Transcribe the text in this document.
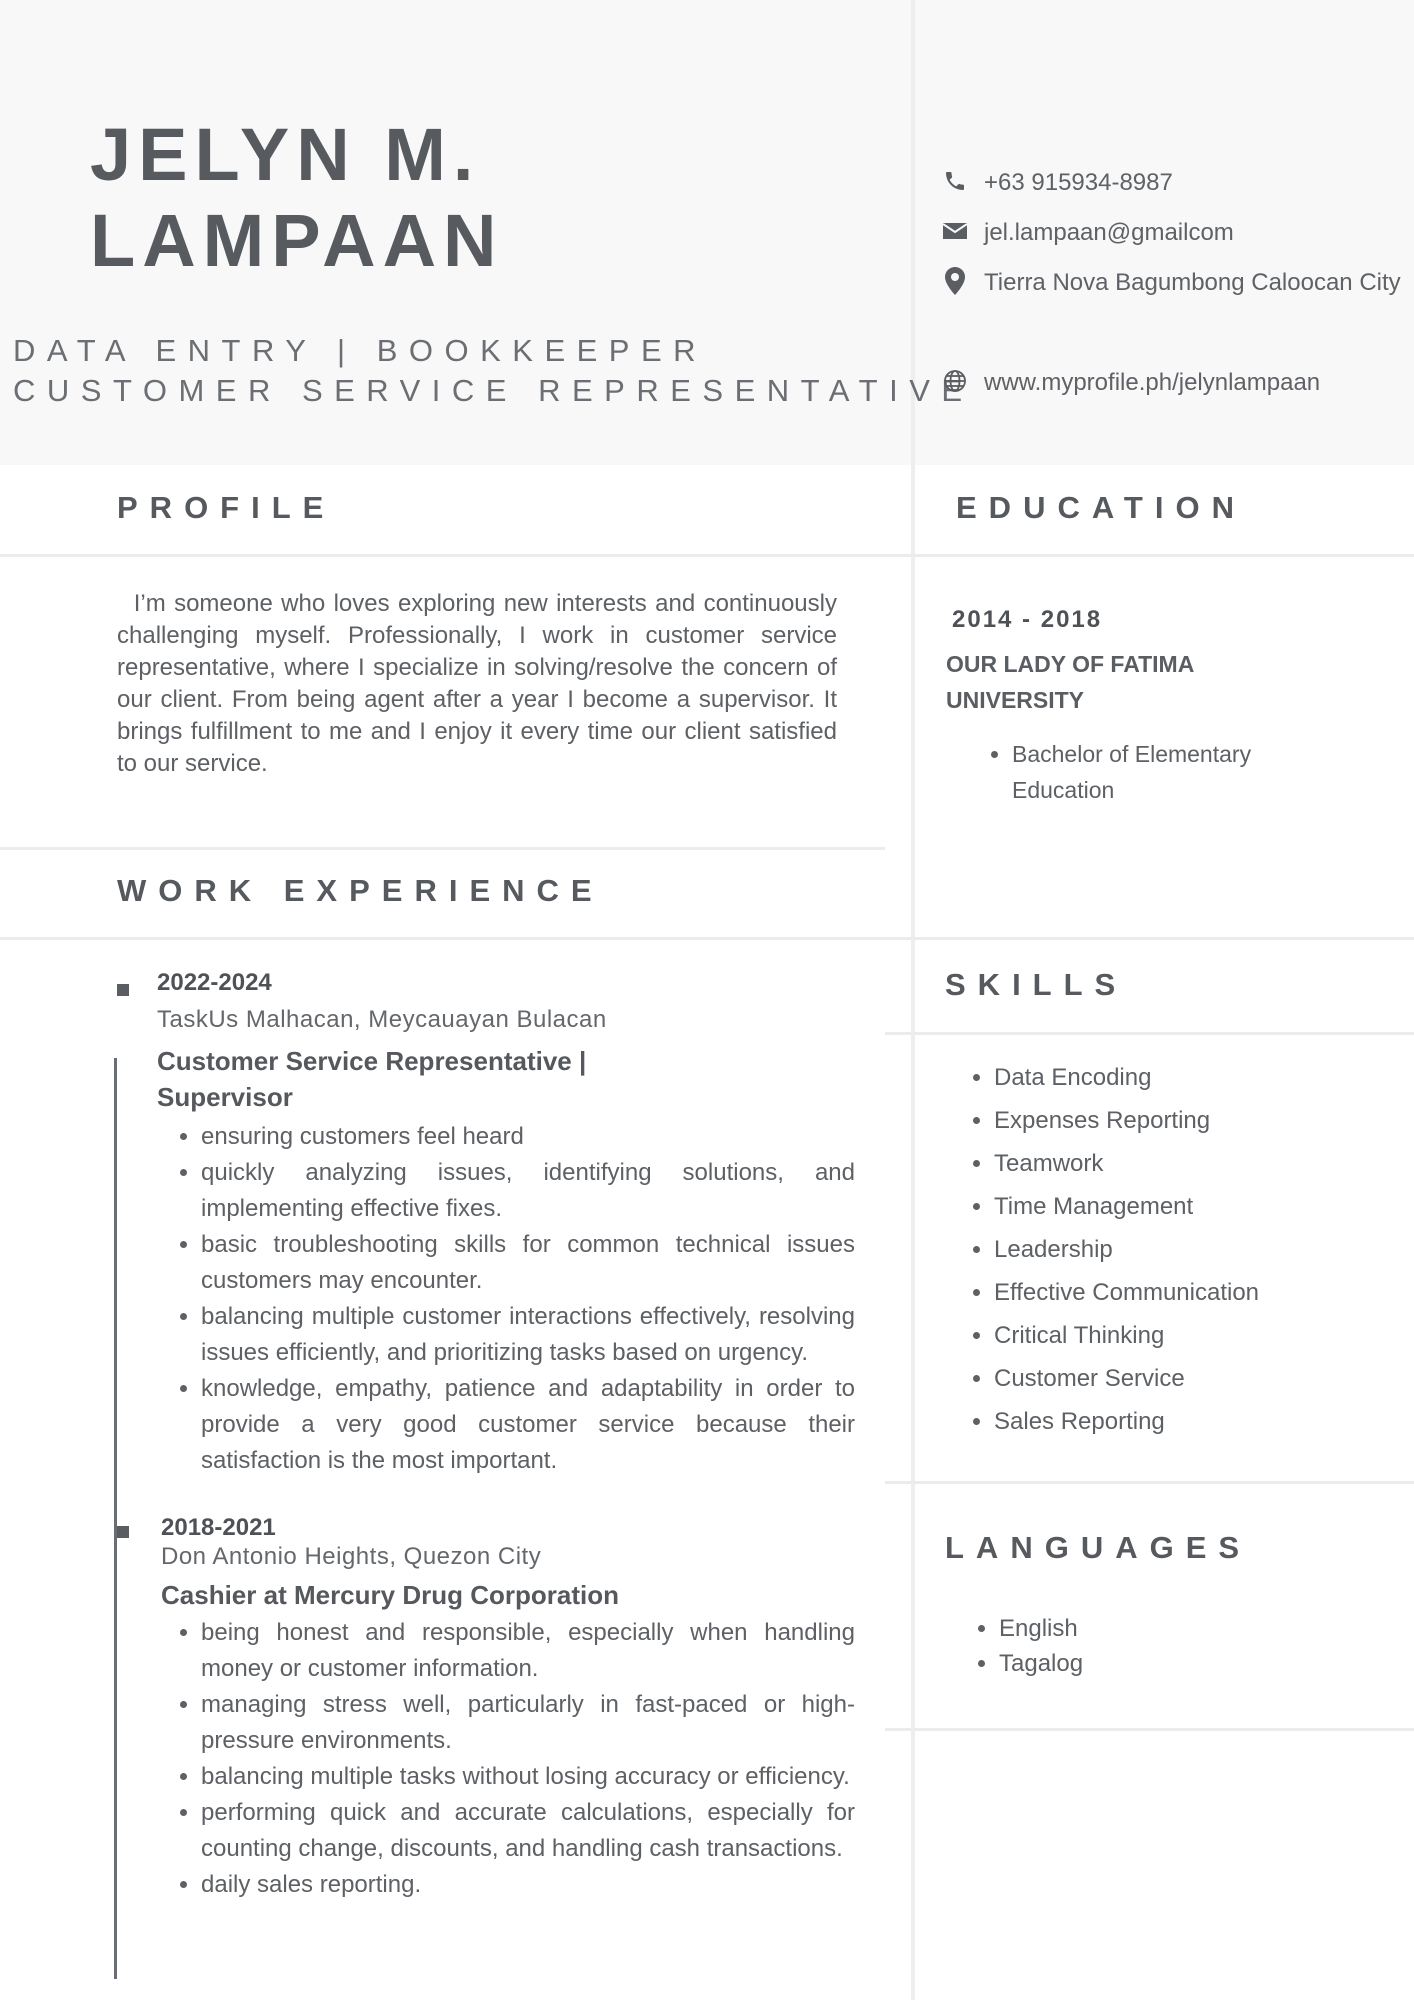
JELYN M.
LAMPAAN
DATA ENTRY | BOOKKEEPER
CUSTOMER SERVICE REPRESENTATIVE
+63 915934-8987
jel.lampaan@gmailcom
Tierra Nova Bagumbong Caloocan City
www.myprofile.ph/jelynlampaan
PROFILE	EDUCATION
WORK EXPERIENCE
SKILLS
LANGUAGES
I’m someone who loves exploring new interests and continuously challenging myself. Professionally, I work in customer service representative, where I specialize in solving/resolve the concern of our client. From being agent after a year I become a supervisor. It brings fulfillment to me and I enjoy it every time our client satisfied to our service.
2014 - 2018
OUR LADY OF FATIMA UNIVERSITY
• Bachelor of Elementary Education
2022-2024
TaskUs Malhacan, Meycauayan Bulacan
Customer Service Representative | Supervisor
• ensuring customers feel heard
• quickly analyzing issues, identifying solutions, and implementing effective fixes.
• basic troubleshooting skills for common technical issues customers may encounter.
• balancing multiple customer interactions effectively, resolving issues efficiently, and prioritizing tasks based on urgency.
• knowledge, empathy, patience and adaptability in order to provide a very good customer service because their satisfaction is the most important.
2018-2021
Don Antonio Heights, Quezon City
Cashier at Mercury Drug Corporation
• being honest and responsible, especially when handling money or customer information.
• managing stress well, particularly in fast-paced or high-pressure environments.
• balancing multiple tasks without losing accuracy or efficiency.
• performing quick and accurate calculations, especially for counting change, discounts, and handling cash transactions.
• daily sales reporting.
• Data Encoding
• Expenses Reporting
• Teamwork
• Time Management
• Leadership
• Effective Communication
• Critical Thinking
• Customer Service
• Sales Reporting
• English
• Tagalog
